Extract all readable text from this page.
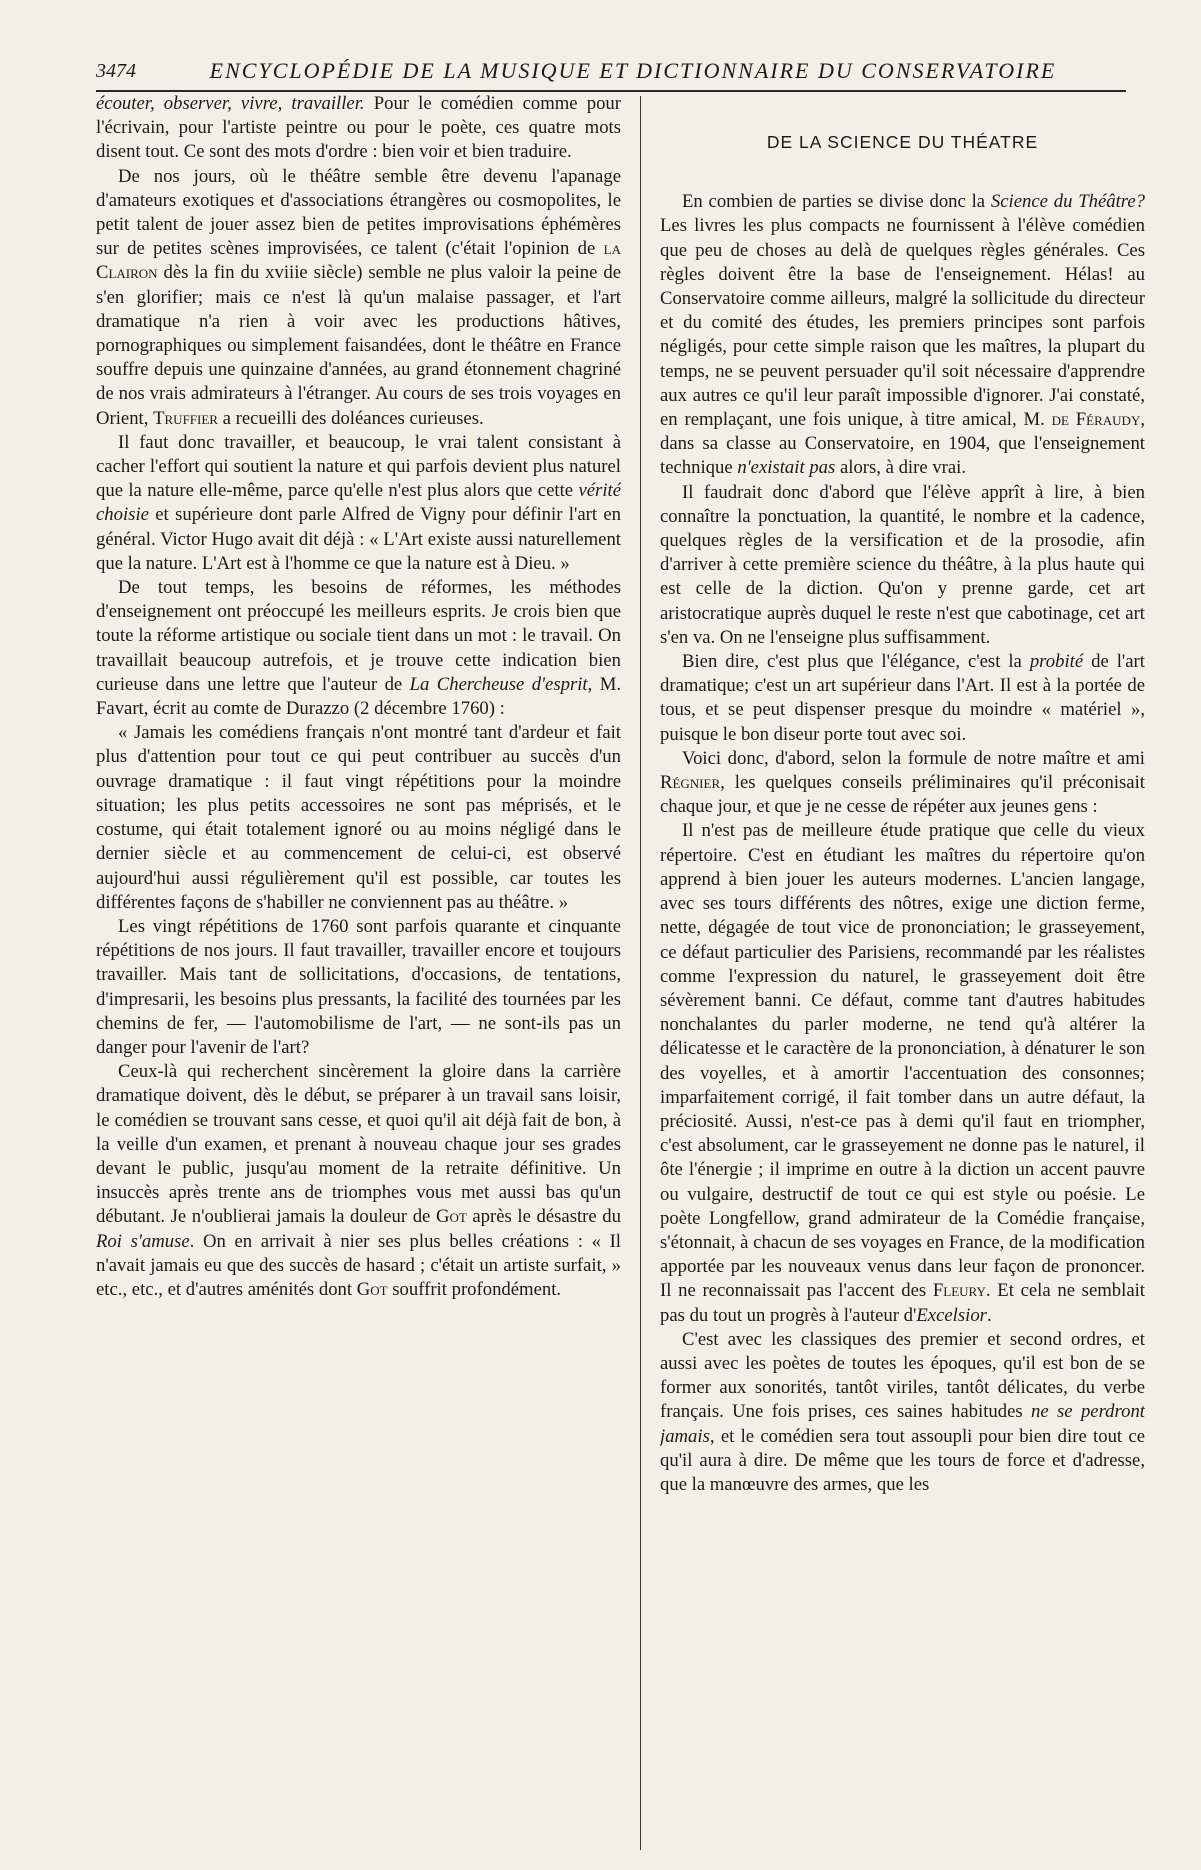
3474	ENCYCLOPÉDIE DE LA MUSIQUE ET DICTIONNAIRE DU CONSERVATOIRE

écouter, observer, vivre, travailler. Pour le comédien comme pour l'écrivain, pour l'artiste peintre ou pour le poète, ces quatre mots disent tout. Ce sont des mots d'ordre : bien voir et bien traduire.

De nos jours, où le théâtre semble être devenu l'apanage d'amateurs exotiques et d'associations étrangères ou cosmopolites, le petit talent de jouer assez bien de petites improvisations éphémères sur de petites scènes improvisées, ce talent (c'était l'opinion de la Clairon dès la fin du xviiie siècle) semble ne plus valoir la peine de s'en glorifier; mais ce n'est là qu'un malaise passager, et l'art dramatique n'a rien à voir avec les productions hâtives, pornographiques ou simplement faisandées, dont le théâtre en France souffre depuis une quinzaine d'années, au grand étonnement chagriné de nos vrais admirateurs à l'étranger. Au cours de ses trois voyages en Orient, Truffier a recueilli des doléances curieuses.

Il faut donc travailler, et beaucoup, le vrai talent consistant à cacher l'effort qui soutient la nature et qui parfois devient plus naturel que la nature elle-même, parce qu'elle n'est plus alors que cette vérité choisie et supérieure dont parle Alfred de Vigny pour définir l'art en général. Victor Hugo avait dit déjà : « L'Art existe aussi naturellement que la nature. L'Art est à l'homme ce que la nature est à Dieu. »

De tout temps, les besoins de réformes, les méthodes d'enseignement ont préoccupé les meilleurs esprits. Je crois bien que toute la réforme artistique ou sociale tient dans un mot : le travail. On travaillait beaucoup autrefois, et je trouve cette indication bien curieuse dans une lettre que l'auteur de La Chercheuse d'esprit, M. Favart, écrit au comte de Durazzo (2 décembre 1760) :

« Jamais les comédiens français n'ont montré tant d'ardeur et fait plus d'attention pour tout ce qui peut contribuer au succès d'un ouvrage dramatique : il faut vingt répétitions pour la moindre situation; les plus petits accessoires ne sont pas méprisés, et le costume, qui était totalement ignoré ou au moins négligé dans le dernier siècle et au commencement de celui-ci, est observé aujourd'hui aussi régulièrement qu'il est possible, car toutes les différentes façons de s'habiller ne conviennent pas au théâtre. »

Les vingt répétitions de 1760 sont parfois quarante et cinquante répétitions de nos jours. Il faut travailler, travailler encore et toujours travailler. Mais tant de sollicitations, d'occasions, de tentations, d'impresarii, les besoins plus pressants, la facilité des tournées par les chemins de fer, — l'automobilisme de l'art, — ne sont-ils pas un danger pour l'avenir de l'art?

Ceux-là qui recherchent sincèrement la gloire dans la carrière dramatique doivent, dès le début, se préparer à un travail sans loisir, le comédien se trouvant sans cesse, et quoi qu'il ait déjà fait de bon, à la veille d'un examen, et prenant à nouveau chaque jour ses grades devant le public, jusqu'au moment de la retraite définitive. Un insuccès après trente ans de triomphes vous met aussi bas qu'un débutant. Je n'oublierai jamais la douleur de Got après le désastre du Roi s'amuse. On en arrivait à nier ses plus belles créations : « Il n'avait jamais eu que des succès de hasard ; c'était un artiste surfait, » etc., etc., et d'autres aménités dont Got souffrit profondément.

DE LA SCIENCE DU THÉATRE

En combien de parties se divise donc la Science du Théâtre? Les livres les plus compacts ne fournissent à l'élève comédien que peu de choses au delà de quelques règles générales. Ces règles doivent être la base de l'enseignement. Hélas! au Conservatoire comme ailleurs, malgré la sollicitude du directeur et du comité des études, les premiers principes sont parfois négligés, pour cette simple raison que les maîtres, la plupart du temps, ne se peuvent persuader qu'il soit nécessaire d'apprendre aux autres ce qu'il leur paraît impossible d'ignorer. J'ai constaté, en remplaçant, une fois unique, à titre amical, M. de Féraudy, dans sa classe au Conservatoire, en 1904, que l'enseignement technique n'existait pas alors, à dire vrai.

Il faudrait donc d'abord que l'élève apprît à lire, à bien connaître la ponctuation, la quantité, le nombre et la cadence, quelques règles de la versification et de la prosodie, afin d'arriver à cette première science du théâtre, à la plus haute qui est celle de la diction. Qu'on y prenne garde, cet art aristocratique auprès duquel le reste n'est que cabotinage, cet art s'en va. On ne l'enseigne plus suffisamment.

Bien dire, c'est plus que l'élégance, c'est la probité de l'art dramatique; c'est un art supérieur dans l'Art. Il est à la portée de tous, et se peut dispenser presque du moindre « matériel », puisque le bon diseur porte tout avec soi.

Voici donc, d'abord, selon la formule de notre maître et ami Régnier, les quelques conseils préliminaires qu'il préconisait chaque jour, et que je ne cesse de répéter aux jeunes gens :

Il n'est pas de meilleure étude pratique que celle du vieux répertoire. C'est en étudiant les maîtres du répertoire qu'on apprend à bien jouer les auteurs modernes. L'ancien langage, avec ses tours différents des nôtres, exige une diction ferme, nette, dégagée de tout vice de prononciation; le grasseyement, ce défaut particulier des Parisiens, recommandé par les réalistes comme l'expression du naturel, le grasseyement doit être sévèrement banni. Ce défaut, comme tant d'autres habitudes nonchalantes du parler moderne, ne tend qu'à altérer la délicatesse et le caractère de la prononciation, à dénaturer le son des voyelles, et à amortir l'accentuation des consonnes; imparfaitement corrigé, il fait tomber dans un autre défaut, la préciosité. Aussi, n'est-ce pas à demi qu'il faut en triompher, c'est absolument, car le grasseyement ne donne pas le naturel, il ôte l'énergie ; il imprime en outre à la diction un accent pauvre ou vulgaire, destructif de tout ce qui est style ou poésie. Le poète Longfellow, grand admirateur de la Comédie française, s'étonnait, à chacun de ses voyages en France, de la modification apportée par les nouveaux venus dans leur façon de prononcer. Il ne reconnaissait pas l'accent des Fleury. Et cela ne semblait pas du tout un progrès à l'auteur d'Excelsior.

C'est avec les classiques des premier et second ordres, et aussi avec les poètes de toutes les époques, qu'il est bon de se former aux sonorités, tantôt viriles, tantôt délicates, du verbe français. Une fois prises, ces saines habitudes ne se perdront jamais, et le comédien sera tout assoupli pour bien dire tout ce qu'il aura à dire. De même que les tours de force et d'adresse, que la manœuvre des armes, que les
